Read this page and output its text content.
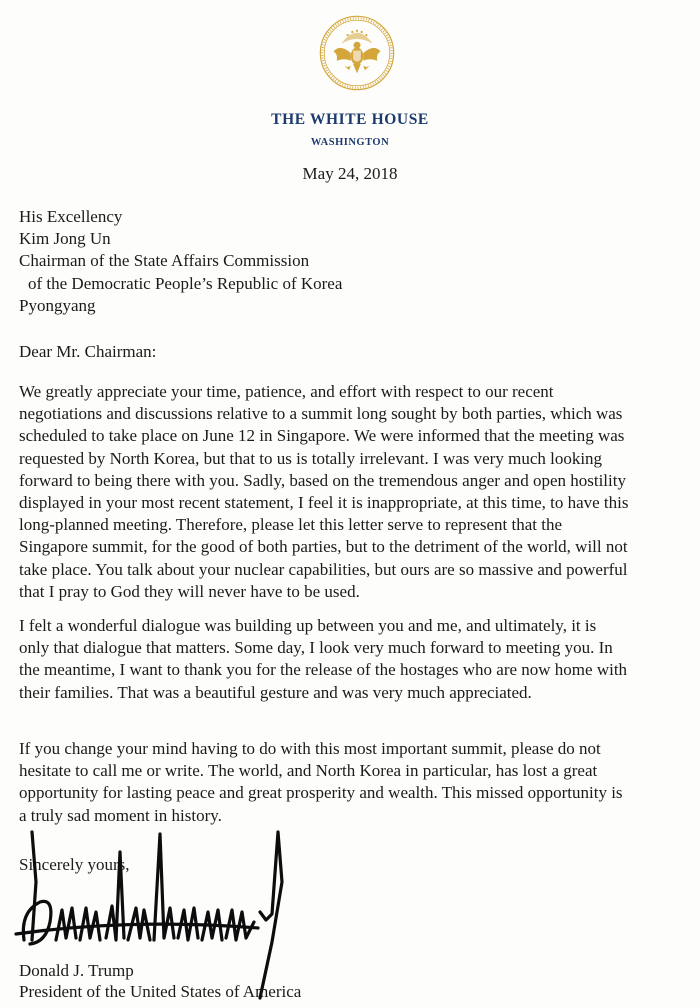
THE WHITE HOUSE
WASHINGTON
May 24, 2018
His Excellency
Kim Jong Un
Chairman of the State Affairs Commission
of the Democratic People’s Republic of Korea
Pyongyang
Dear Mr. Chairman:
We greatly appreciate your time, patience, and effort with respect to our recent
negotiations and discussions relative to a summit long sought by both parties, which was
scheduled to take place on June 12 in Singapore. We were informed that the meeting was
requested by North Korea, but that to us is totally irrelevant. I was very much looking
forward to being there with you. Sadly, based on the tremendous anger and open hostility
displayed in your most recent statement, I feel it is inappropriate, at this time, to have this
long-planned meeting. Therefore, please let this letter serve to represent that the
Singapore summit, for the good of both parties, but to the detriment of the world, will not
take place. You talk about your nuclear capabilities, but ours are so massive and powerful
that I pray to God they will never have to be used.
I felt a wonderful dialogue was building up between you and me, and ultimately, it is
only that dialogue that matters. Some day, I look very much forward to meeting you. In
the meantime, I want to thank you for the release of the hostages who are now home with
their families. That was a beautiful gesture and was very much appreciated.
If you change your mind having to do with this most important summit, please do not
hesitate to call me or write. The world, and North Korea in particular, has lost a great
opportunity for lasting peace and great prosperity and wealth. This missed opportunity is
a truly sad moment in history.
Sincerely yours,
Donald J. Trump
President of the United States of America
